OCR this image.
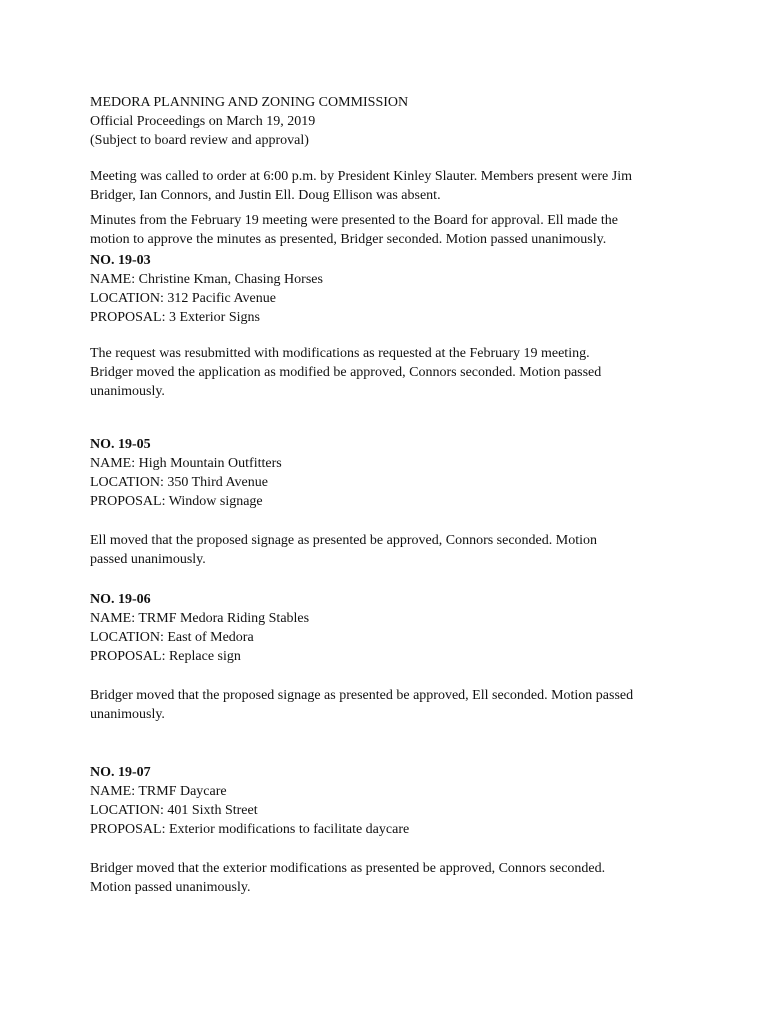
MEDORA PLANNING AND ZONING COMMISSION
Official Proceedings on March 19, 2019
(Subject to board review and approval)
Meeting was called to order at 6:00 p.m. by President Kinley Slauter. Members present were Jim
Bridger, Ian Connors, and Justin Ell. Doug Ellison was absent.
Minutes from the February 19 meeting were presented to the Board for approval. Ell made the
motion to approve the minutes as presented, Bridger seconded. Motion passed unanimously.
NO. 19-03
NAME: Christine Kman, Chasing Horses
LOCATION: 312 Pacific Avenue
PROPOSAL: 3 Exterior Signs
The request was resubmitted with modifications as requested at the February 19 meeting.
Bridger moved the application as modified be approved, Connors seconded. Motion passed
unanimously.
NO. 19-05
NAME: High Mountain Outfitters
LOCATION: 350 Third Avenue
PROPOSAL: Window signage
Ell moved that the proposed signage as presented be approved, Connors seconded. Motion
passed unanimously.
NO. 19-06
NAME: TRMF Medora Riding Stables
LOCATION: East of Medora
PROPOSAL: Replace sign
Bridger moved that the proposed signage as presented be approved, Ell seconded. Motion passed
unanimously.
NO. 19-07
NAME: TRMF Daycare
LOCATION: 401 Sixth Street
PROPOSAL: Exterior modifications to facilitate daycare
Bridger moved that the exterior modifications as presented be approved, Connors seconded.
Motion passed unanimously.
